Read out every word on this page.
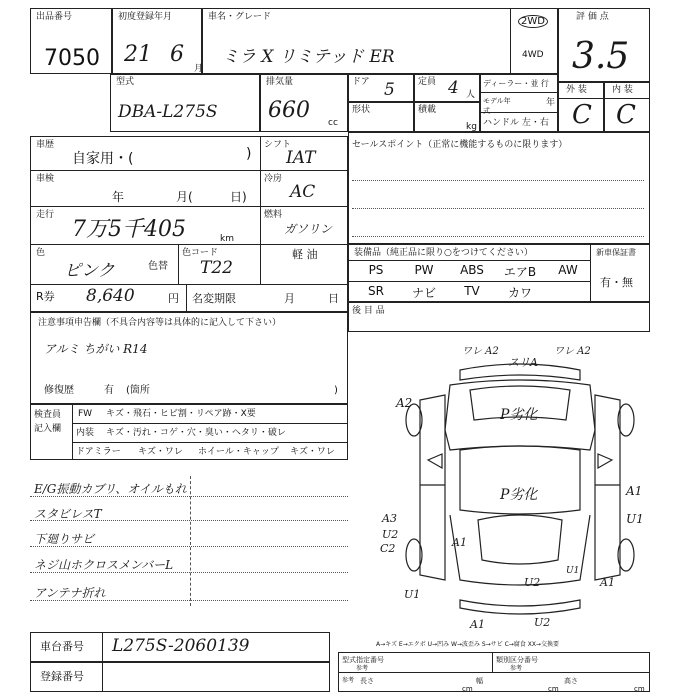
出品番号
7050
初度登録年月
21 6
月
車名・グレード
ミラ X リミテッド ER
2WD
4WD
評 価 点
3.5
型式
DBA-L275S
排気量
660 cc
ドア 5	定員 4 人
形状	積載
kg
ディーラー・並 行
モデル年式
年
ハンドル 左・右
外 装	内 装
C C
車歴
自家用・(	)
シフト
IAT
車検
年	月(	日)
冷房
AC
走行
7万5千405	km
燃料
ガソリン
軽 油
色
ピンク	色替
色コード
T22
R券 8,640	円 名変期限	月	日
セールスポイント（正常に機能するものに限ります）
装備品（純正品に限り○をつけてください）	新車保証書
有・無
PS	PW	ABS	エアB	AW
SR	ナビ	TV	カワ
後 目 品
注意事項申告欄（不具合内容等は具体的に記入して下さい）
アルミ ちがい R14
修復歴	有 (箇所	)
検査員
記入欄
FW キズ・飛石・ヒビ割・リペア跡・X要
内装 キズ・汚れ・コゲ・穴・臭い・ヘタリ・破レ
ドアミラー キズ・ワレ ホイール・キャップ キズ・ワレ
E/G振動カブリ、オイルもれ
スタビレスT
下廻りサビ
ネジ山ホクロスメンバーL
アンテナ折れ
ワレ A2
スリA
ワレ A2
P劣化
P劣化
A2
A1
U1
A3
U2
C2	A1
U1
U2
U2
A1
A1
U1
A→キズ E→エクボ U→凹み W→波歪み S→サビ C→腐食 XX→交換要
車台番号 L275S-2060139
登録番号
型式指定番号
参考
類別区分番号
参考
参考 長さ
cm
幅
cm
高さ
cm
